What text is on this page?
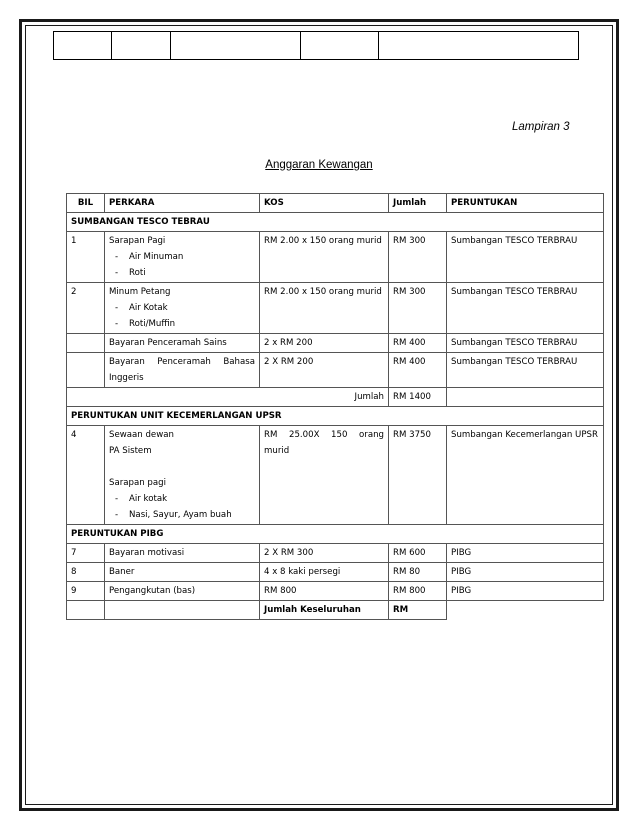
Lampiran 3
Anggaran Kewangan
BIL	PERKARA	KOS	Jumlah	PERUNTUKAN
SUMBANGAN TESCO TEBRAU				
1	Sarapan Pagi
- Air Minuman
- Roti	RM 2.00 x 150 orang murid	RM 300	Sumbangan TESCO TERBRAU
2	Minum Petang
- Air Kotak
- Roti/Muffin	RM 2.00 x 150 orang murid	RM 300	Sumbangan TESCO TERBRAU
	Bayaran Penceramah Sains	2 x RM 200	RM 400	Sumbangan TESCO TERBRAU
	Bayaran Penceramah Bahasa Inggeris	2 X RM 200	RM 400	Sumbangan TESCO TERBRAU
Jumlah			RM 1400	
PERUNTUKAN UNIT KECEMERLANGAN UPSR				
4	Sewaan dewan
PA Sistem
Sarapan pagi
- Air kotak
- Nasi, Sayur, Ayam buah	RM 25.00X 150 orang murid	RM 3750	Sumbangan Kecemerlangan UPSR
PERUNTUKAN PIBG				
7	Bayaran motivasi	2 X RM 300	RM 600	PIBG
8	Baner	4 x 8 kaki persegi	RM 80	PIBG
9	Pengangkutan (bas)	RM 800	RM 800	PIBG
		Jumlah Keseluruhan	RM	
